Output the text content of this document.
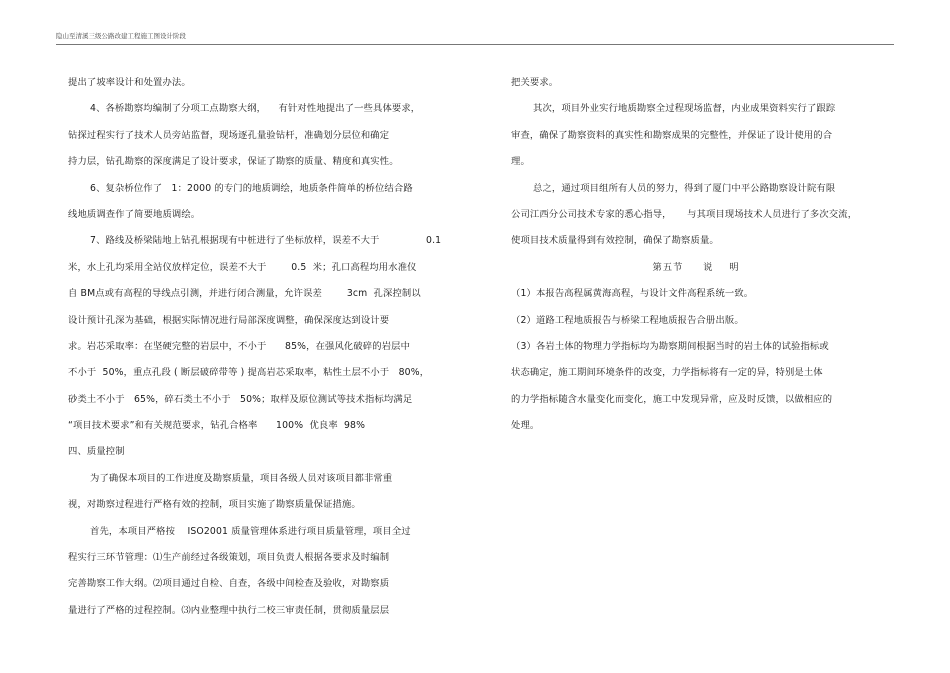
隐山至清溪三级公路改建工程施工图设计阶段
提出了坡率设计和处置办法。
4、各桥勘察均编制了分项工点勘察大纲，    有针对性地提出了一些具体要求，
钻探过程实行了技术人员旁站监督，现场逐孔量验钻杆，准确划分层位和确定
持力层，钻孔勘察的深度满足了设计要求，保证了勘察的质量、精度和真实性。
6、复杂桥位作了   1：2000 的专门的地质调绘，地质条件简单的桥位结合路
线地质调查作了简要地质调绘。
7、路线及桥梁陆地上钻孔根据现有中桩进行了坐标放样，误差不大于	0.1
米，水上孔均采用全站仪放样定位，误差不大于        0.5  米；孔口高程均用水准仪
自 BM点或有高程的导线点引测，并进行闭合测量，允许误差        3cm  孔深控制以
设计预计孔深为基础，根据实际情况进行局部深度调整，确保深度达到设计要
求。岩芯采取率：在坚硬完整的岩层中，不小于      85%，在强风化破碎的岩层中
不小于  50%，重点孔段 ( 断层破碎带等 ) 提高岩芯采取率，粘性土层不小于   80%，
砂类土不小于   65%，碎石类土不小于   50%；取样及原位测试等技术指标均满足
“项目技术要求”和有关规范要求，钻孔合格率      100%  优良率  98%
四、质量控制
为了确保本项目的工作进度及勘察质量，项目各级人员对该项目都非常重
视，对勘察过程进行严格有效的控制，项目实施了勘察质量保证措施。
首先，本项目严格按    ISO2001 质量管理体系进行项目质量管理，项目全过
程实行三环节管理：⑴生产前经过各级策划，项目负责人根据各要求及时编制
完善勘察工作大纲。⑵项目通过自检、自查，各级中间检查及验收，对勘察质
量进行了严格的过程控制。⑶内业整理中执行二校三审责任制，贯彻质量层层
把关要求。
其次，项目外业实行地质勘察全过程现场监督，内业成果资料实行了跟踪
审查，确保了勘察资料的真实性和勘察成果的完整性，并保证了设计使用的合
理。
总之，通过项目组所有人员的努力，得到了厦门中平公路勘察设计院有限
公司江西分公司技术专家的悉心指导，     与其项目现场技术人员进行了多次交流，
使项目技术质量得到有效控制，确保了勘察质量。
第五节     说    明
（1）本报告高程属黄海高程，与设计文件高程系统一致。
（2）道路工程地质报告与桥梁工程地质报告合册出版。
（3）各岩土体的物理力学指标均为勘察期间根据当时的岩土体的试验指标或
状态确定，施工期间环境条件的改变，力学指标将有一定的异，特别是土体
的力学指标随含水量变化而变化，施工中发现异常，应及时反馈，以做相应的
处理。
